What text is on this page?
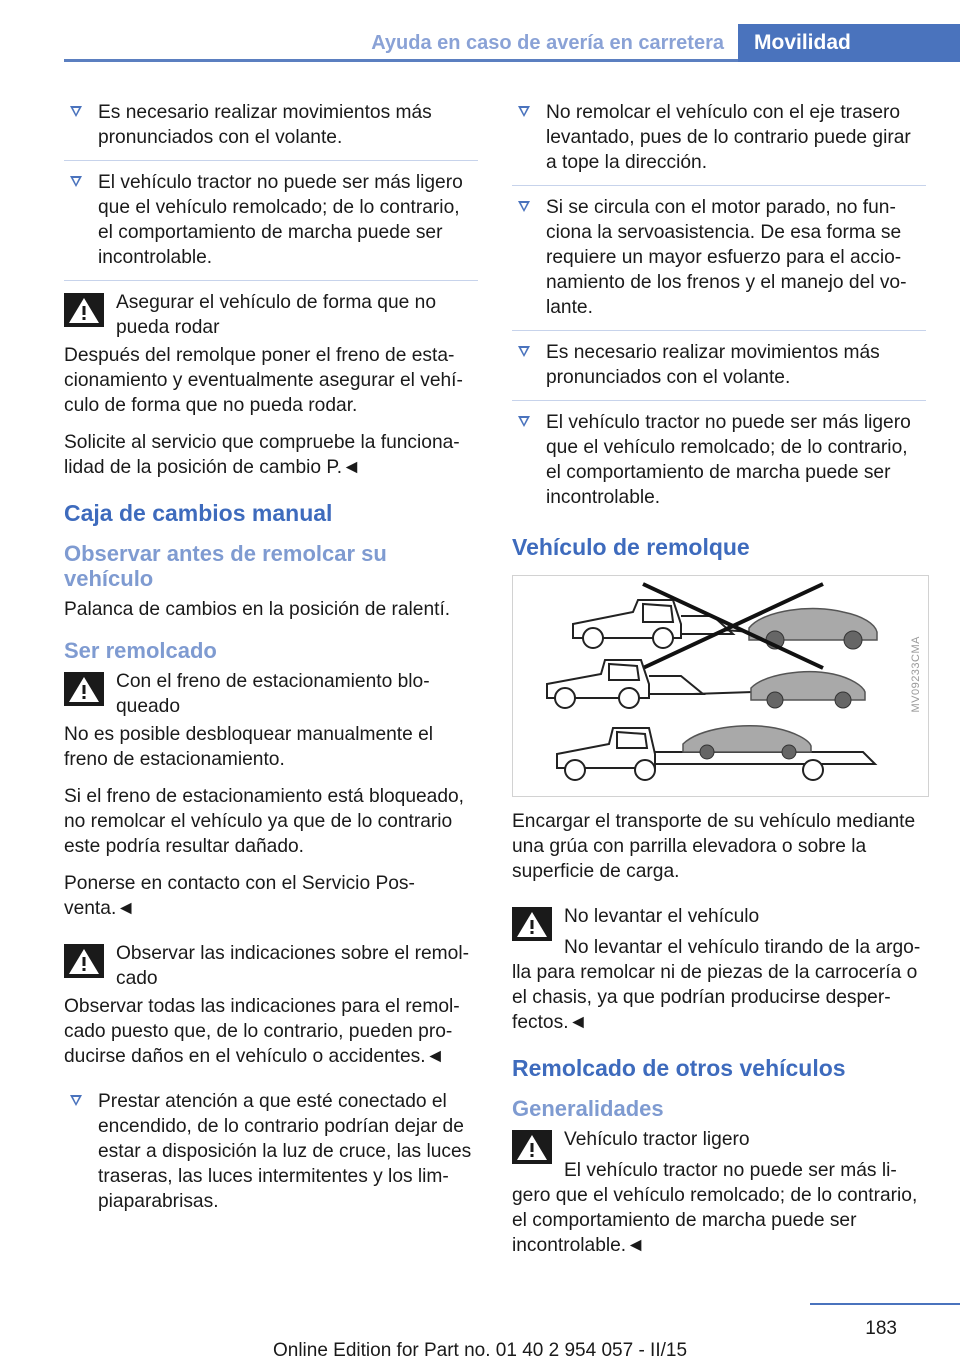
Ayuda en caso de avería en carretera	Movilidad
Es necesario realizar movimientos más pronunciados con el volante.
El vehículo tractor no puede ser más ligero que el vehículo remolcado; de lo contrario, el comportamiento de marcha puede ser incontrolable.
Asegurar el vehículo de forma que no pueda rodar

Después del remolque poner el freno de estacionamiento y eventualmente asegurar el vehículo de forma que no pueda rodar.

Solicite al servicio que compruebe la funcionalidad de la posición de cambio P.◄

Caja de cambios manual
Observar antes de remolcar su vehículo

Palanca de cambios en la posición de ralentí.

Ser remolcado
Con el freno de estacionamiento bloqueado

No es posible desbloquear manualmente el freno de estacionamiento.

Si el freno de estacionamiento está bloqueado, no remolcar el vehículo ya que de lo contrario este podría resultar dañado.

Ponerse en contacto con el Servicio Posventa.◄

Observar las indicaciones sobre el remolcado

Observar todas las indicaciones para el remolcado puesto que, de lo contrario, pueden producirse daños en el vehículo o accidentes.◄

Prestar atención a que esté conectado el encendido, de lo contrario podrían dejar de estar a disposición la luz de cruce, las luces traseras, las luces intermitentes y los limpiaparabrisas.
No remolcar el vehículo con el eje trasero levantado, pues de lo contrario puede girar a tope la dirección.
Si se circula con el motor parado, no funciona la servoasistencia. De esa forma se requiere un mayor esfuerzo para el accionamiento de los frenos y el manejo del volante.
Es necesario realizar movimientos más pronunciados con el volante.
El vehículo tractor no puede ser más ligero que el vehículo remolcado; de lo contrario, el comportamiento de marcha puede ser incontrolable.
Vehículo de remolque
MV09233CMA

Encargar el transporte de su vehículo mediante una grúa con parrilla elevadora o sobre la superficie de carga.

No levantar el vehículo

No levantar el vehículo tirando de la argolla para remolcar ni de piezas de la carrocería o el chasis, ya que podrían producirse desperfectos.◄

Remolcado de otros vehículos
Generalidades
Vehículo tractor ligero

El vehículo tractor no puede ser más ligero que el vehículo remolcado; de lo contrario, el comportamiento de marcha puede ser incontrolable.◄

183
Online Edition for Part no. 01 40 2 954 057 - II/15
